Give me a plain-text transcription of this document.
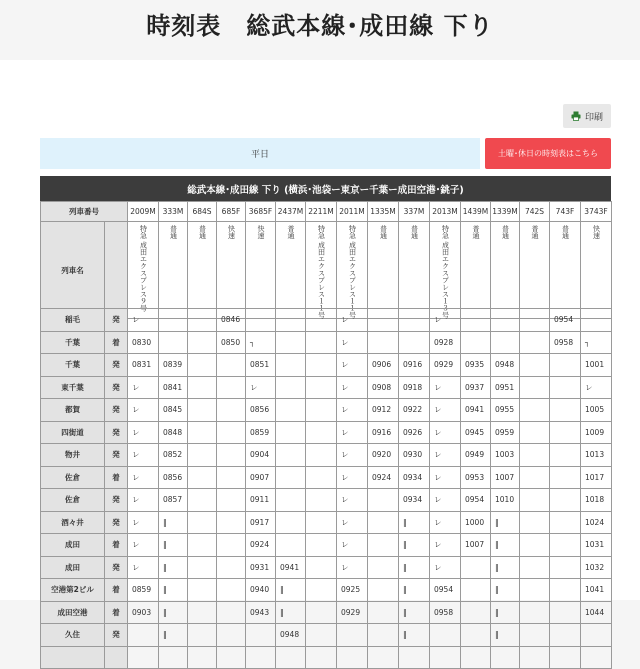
時刻表　総武本線･成田線 下り
印刷
平日	土曜･休日の時刻表はこちら
総武本線･成田線 下り (横浜･池袋ー東京ー千葉ー成田空港･銚子)
列車番号		2009M	333M	684S	685F	3685F	2437M	2211M	2011M	1335M	337M	2013M	1439M	1339M	742S	743F	3743F
列車名		特急 成田エクスプレス９号	普通	普通	快速	快速	普通	特急 成田エクスプレス１１号	特急 成田エクスプレス１１号	普通	普通	特急 成田エクスプレス１３号	普通	普通	普通	普通	快速
稲毛	発	レ			0846				レ			レ				0954	
千葉	着	0830			0850	┐			レ			0928				0958	┐
千葉	発	0831	0839			0851			レ	0906	0916	0929	0935	0948			1001
東千葉	発	レ	0841			レ			レ	0908	0918	レ	0937	0951			レ
都賀	発	レ	0845			0856			レ	0912	0922	レ	0941	0955			1005
四街道	発	レ	0848			0859			レ	0916	0926	レ	0945	0959			1009
物井	発	レ	0852			0904			レ	0920	0930	レ	0949	1003			1013
佐倉	着	レ	0856			0907			レ	0924	0934	レ	0953	1007			1017
佐倉	発	レ	0857			0911			レ		0934	レ	0954	1010			1018
酒々井	発	レ	‖			0917			レ		‖	レ	1000	‖			1024
成田	着	レ	‖			0924			レ		‖	レ	1007	‖			1031
成田	発	レ	‖			0931	0941		レ		‖	レ		‖			1032
空港第2ビル	着	0859	‖			0940	‖		0925		‖	0954		‖			1041
成田空港	着	0903	‖			0943	‖		0929		‖	0958		‖			1044
久住	発		‖				0948				‖			‖			
